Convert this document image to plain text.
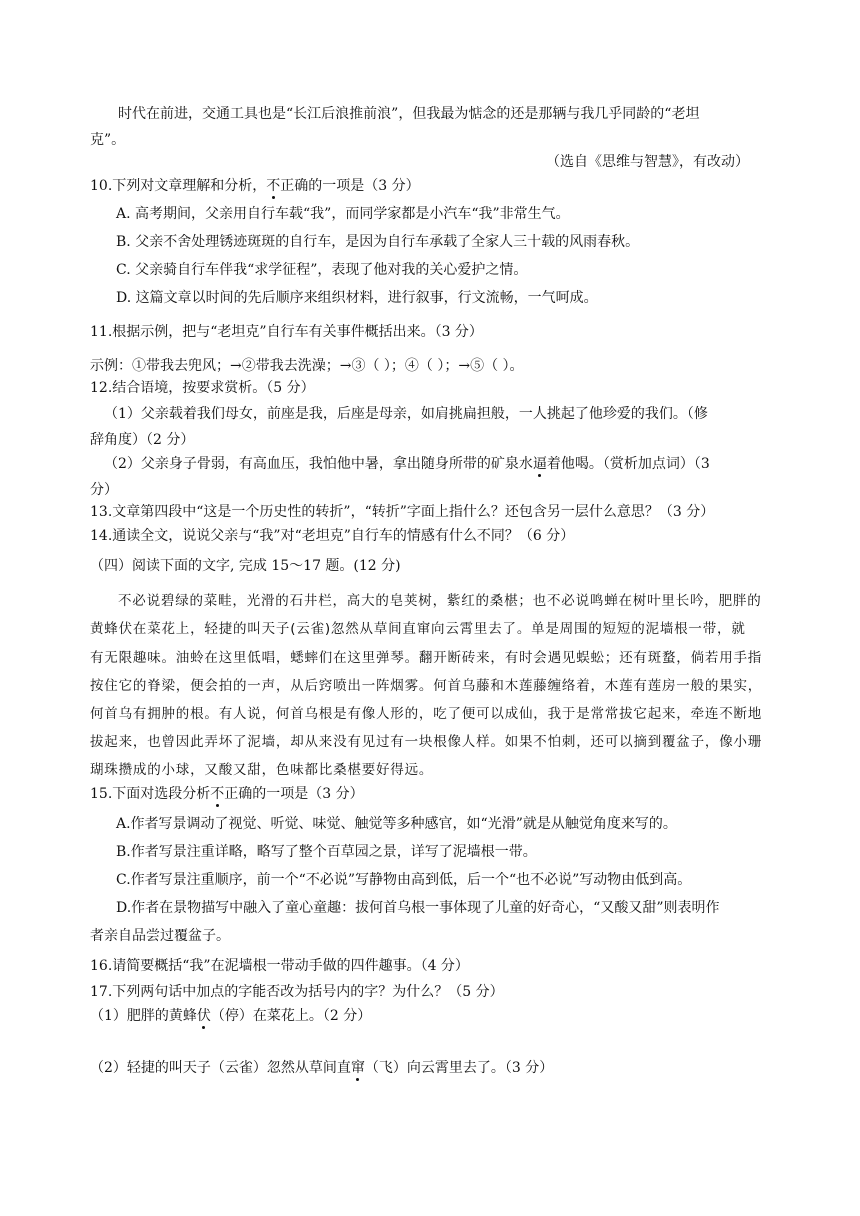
时代在前进，交通工具也是“长江后浪推前浪”，但我最为惦念的还是那辆与我几乎同龄的“老坦
克”。
（选自《思维与智慧》，有改动）
10.下列对文章理解和分析，不正确的一项是（3 分）
A. 高考期间，父亲用自行车载“我”，而同学家都是小汽车“我”非常生气。
B. 父亲不舍处理锈迹斑斑的自行车，是因为自行车承载了全家人三十载的风雨春秋。
C. 父亲骑自行车伴我“求学征程”，表现了他对我的关心爱护之情。
D. 这篇文章以时间的先后顺序来组织材料，进行叙事，行文流畅，一气呵成。
11.根据示例，把与“老坦克”自行车有关事件概括出来。（3 分）
示例：①带我去兜风；→②带我去洗澡；→③（ ）；④（ ）；→⑤（ ）。
12.结合语境，按要求赏析。（5 分）
（1）父亲载着我们母女，前座是我，后座是母亲，如肩挑扁担般，一人挑起了他珍爱的我们。（修
辞角度）（2 分）
（2）父亲身子骨弱，有高血压，我怕他中暑，拿出随身所带的矿泉水逼着他喝。（赏析加点词）（3
分）
13.文章第四段中“这是一个历史性的转折”，“转折”字面上指什么？还包含另一层什么意思？（3 分）
14.通读全文，说说父亲与“我”对“老坦克”自行车的情感有什么不同？（6 分）
（四）阅读下面的文字, 完成 15～17 题。(12 分)
不必说碧绿的菜畦，光滑的石井栏，高大的皂荚树，紫红的桑椹；也不必说鸣蝉在树叶里长吟，肥胖的
黄蜂伏在菜花上，轻捷的叫天子(云雀)忽然从草间直窜向云霄里去了。单是周围的短短的泥墙根一带，就
有无限趣味。油蛉在这里低唱，蟋蟀们在这里弹琴。翻开断砖来，有时会遇见蜈蚣；还有斑蝥，倘若用手指
按住它的脊梁，便会拍的一声，从后窍喷出一阵烟雾。何首乌藤和木莲藤缠络着，木莲有莲房一般的果实，
何首乌有拥肿的根。有人说，何首乌根是有像人形的，吃了便可以成仙，我于是常常拔它起来，牵连不断地
拔起来，也曾因此弄坏了泥墙，却从来没有见过有一块根像人样。如果不怕刺，还可以摘到覆盆子，像小珊
瑚珠攒成的小球，又酸又甜，色味都比桑椹要好得远。
15.下面对选段分析不正确的一项是（3 分）
A.作者写景调动了视觉、听觉、味觉、触觉等多种感官，如“光滑”就是从触觉角度来写的。
B.作者写景注重详略，略写了整个百草园之景，详写了泥墙根一带。
C.作者写景注重顺序，前一个“不必说”写静物由高到低，后一个“也不必说”写动物由低到高。
D.作者在景物描写中融入了童心童趣：拔何首乌根一事体现了儿童的好奇心，“又酸又甜”则表明作
者亲自品尝过覆盆子。
16.请简要概括“我”在泥墙根一带动手做的四件趣事。（4 分）
17.下列两句话中加点的字能否改为括号内的字？为什么？（5 分）
（1）肥胖的黄蜂伏（停）在菜花上。（2 分）
（2）轻捷的叫天子（云雀）忽然从草间直窜（飞）向云霄里去了。（3 分）
